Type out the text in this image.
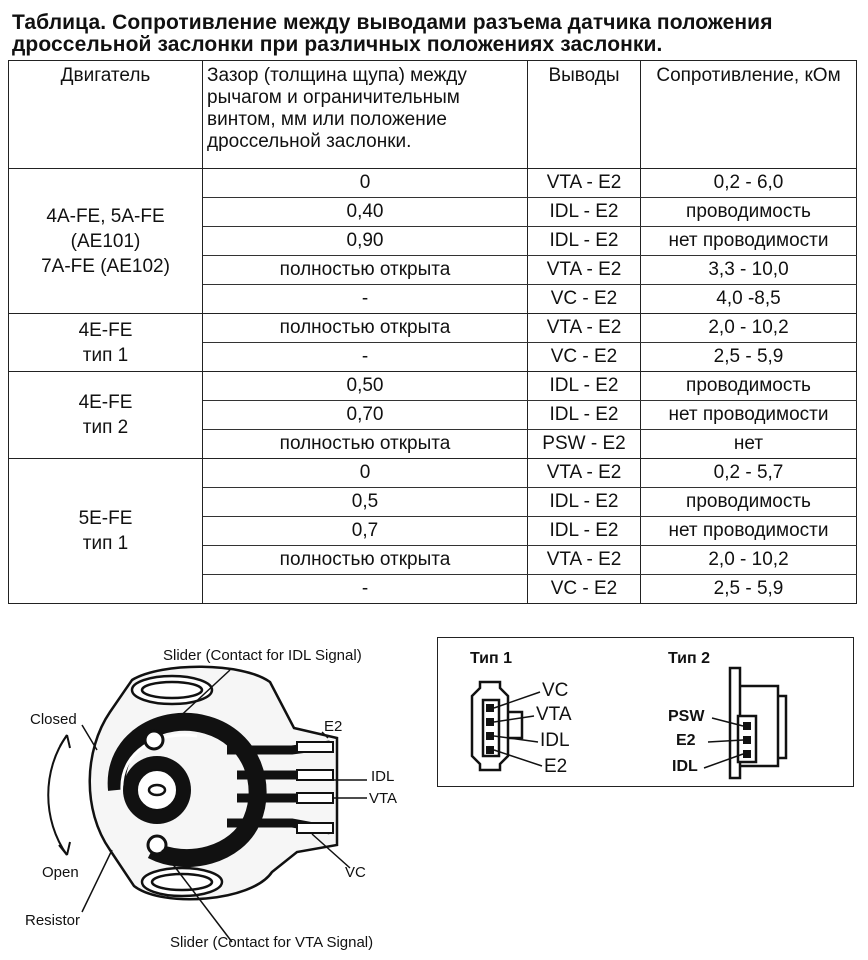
Таблица. Сопротивление между выводами разъема датчика положения дроссельной заслонки при различных положениях заслонки.
Двигатель	Зазор (толщина щупа) между рычагом и ограничительным винтом, мм или положение дроссельной заслонки.	Выводы	Сопротивление, кОм

4A-FE, 5A-FE
(AE101)
7A-FE (AE102)	0	VTA - E2	0,2 - 6,0
	0,40	IDL - E2	проводимость
	0,90	IDL - E2	нет проводимости
	полностью открыта	VTA - E2	3,3 - 10,0
	-	VC - E2	4,0 -8,5

4E-FE
тип 1	полностью открыта	VTA - E2	2,0 - 10,2
	-	VC - E2	2,5 - 5,9

4E-FE
тип 2	0,50	IDL - E2	проводимость
	0,70	IDL - E2	нет проводимости
	полностью открыта	PSW - E2	нет

5E-FE
тип 1	0	VTA - E2	0,2 - 5,7
	0,5	IDL - E2	проводимость
	0,7	IDL - E2	нет проводимости
	полностью открыта	VTA - E2	2,0 - 10,2
	-	VC - E2	2,5 - 5,9
Slider (Contact for IDL Signal)
Closed	E2
IDL
VTA
Open	VC
Resistor
Slider (Contact for VTA Signal)
Тип 1	Тип 2
VC
VTA
IDL
E2
PSW
E2
IDL
